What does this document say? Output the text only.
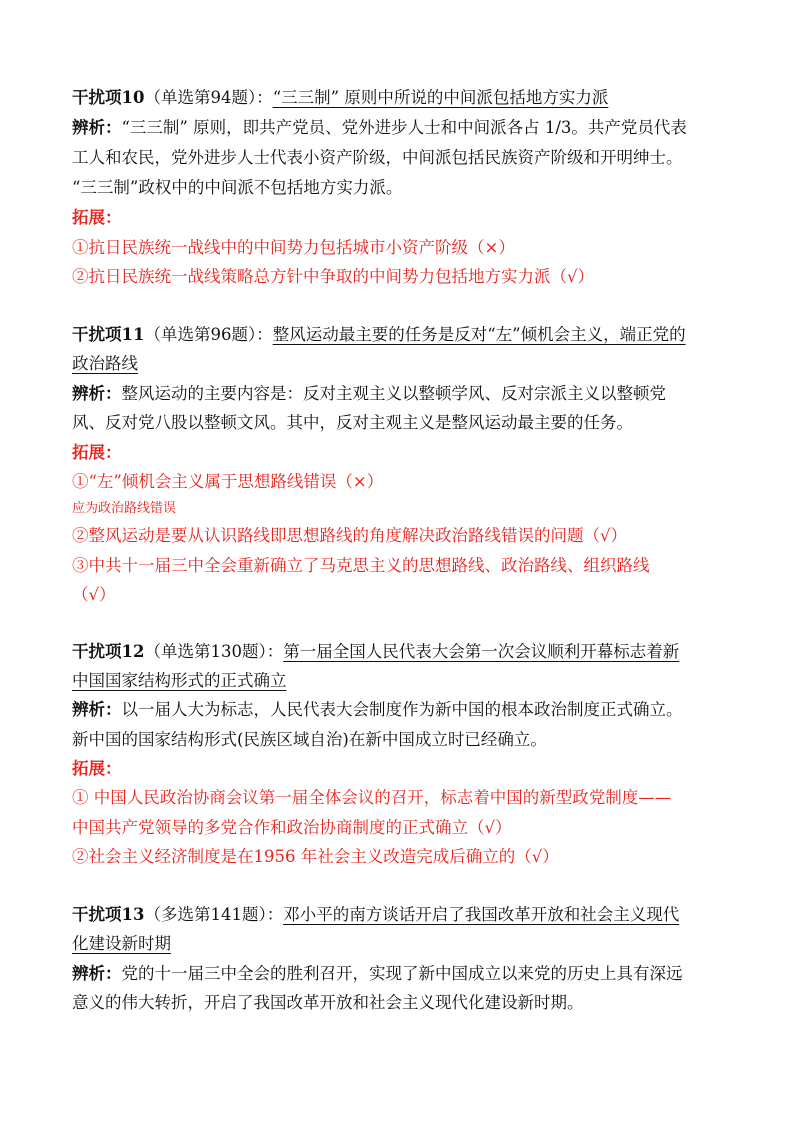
干扰项10（单选第94题）：“三三制” 原则中所说的中间派包括地方实力派

辨析：“三三制” 原则，即共产党员、党外进步人士和中间派各占 1/3。共产党员代表

工人和农民，党外进步人士代表小资产阶级，中间派包括民族资产阶级和开明绅士。

“三三制”政权中的中间派不包括地方实力派。

拓展：

①抗日民族统一战线中的中间势力包括城市小资产阶级（×）

②抗日民族统一战线策略总方针中争取的中间势力包括地方实力派（√）

干扰项11（单选第96题）：整风运动最主要的任务是反对“左”倾机会主义，端正党的

政治路线

辨析：整风运动的主要内容是：反对主观主义以整顿学风、反对宗派主义以整顿党

风、反对党八股以整顿文风。其中，反对主观主义是整风运动最主要的任务。

拓展：

①“左”倾机会主义属于思想路线错误（×）

应为政治路线错误

②整风运动是要从认识路线即思想路线的角度解决政治路线错误的问题（√）

③中共十一届三中全会重新确立了马克思主义的思想路线、政治路线、组织路线

（√）

干扰项12（单选第130题）：第一届全国人民代表大会第一次会议顺利开幕标志着新

中国国家结构形式的正式确立

辨析：以一届人大为标志，人民代表大会制度作为新中国的根本政治制度正式确立。

新中国的国家结构形式(民族区域自治)在新中国成立时已经确立。

拓展：

① 中国人民政治协商会议第一届全体会议的召开，标志着中国的新型政党制度——

中国共产党领导的多党合作和政治协商制度的正式确立（√）

②社会主义经济制度是在1956 年社会主义改造完成后确立的（√）

干扰项13（多选第141题）：邓小平的南方谈话开启了我国改革开放和社会主义现代

化建设新时期

辨析：党的十一届三中全会的胜利召开，实现了新中国成立以来党的历史上具有深远

意义的伟大转折，开启了我国改革开放和社会主义现代化建设新时期。
